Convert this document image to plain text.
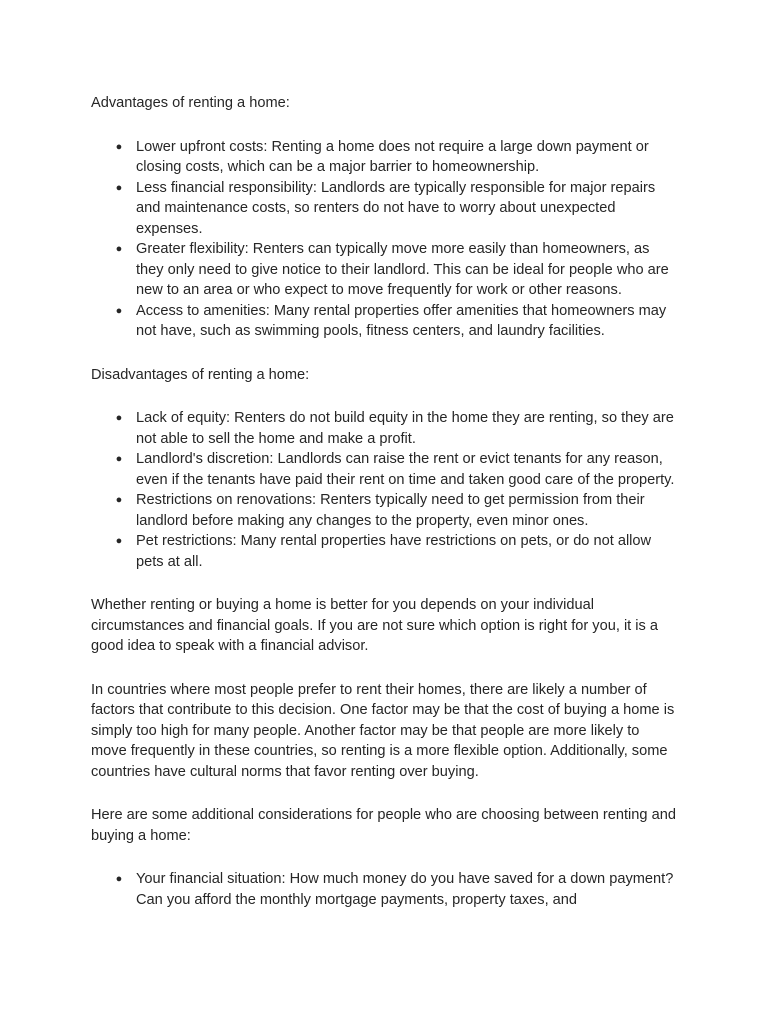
Advantages of renting a home:

● Lower upfront costs: Renting a home does not require a large down payment or closing costs, which can be a major barrier to homeownership.
● Less financial responsibility: Landlords are typically responsible for major repairs and maintenance costs, so renters do not have to worry about unexpected expenses.
● Greater flexibility: Renters can typically move more easily than homeowners, as they only need to give notice to their landlord. This can be ideal for people who are new to an area or who expect to move frequently for work or other reasons.
● Access to amenities: Many rental properties offer amenities that homeowners may not have, such as swimming pools, fitness centers, and laundry facilities.

Disadvantages of renting a home:

● Lack of equity: Renters do not build equity in the home they are renting, so they are not able to sell the home and make a profit.
● Landlord's discretion: Landlords can raise the rent or evict tenants for any reason, even if the tenants have paid their rent on time and taken good care of the property.
● Restrictions on renovations: Renters typically need to get permission from their landlord before making any changes to the property, even minor ones.
● Pet restrictions: Many rental properties have restrictions on pets, or do not allow pets at all.

Whether renting or buying a home is better for you depends on your individual circumstances and financial goals. If you are not sure which option is right for you, it is a good idea to speak with a financial advisor.

In countries where most people prefer to rent their homes, there are likely a number of factors that contribute to this decision. One factor may be that the cost of buying a home is simply too high for many people. Another factor may be that people are more likely to move frequently in these countries, so renting is a more flexible option. Additionally, some countries have cultural norms that favor renting over buying.

Here are some additional considerations for people who are choosing between renting and buying a home:

● Your financial situation: How much money do you have saved for a down payment? Can you afford the monthly mortgage payments, property taxes, and
